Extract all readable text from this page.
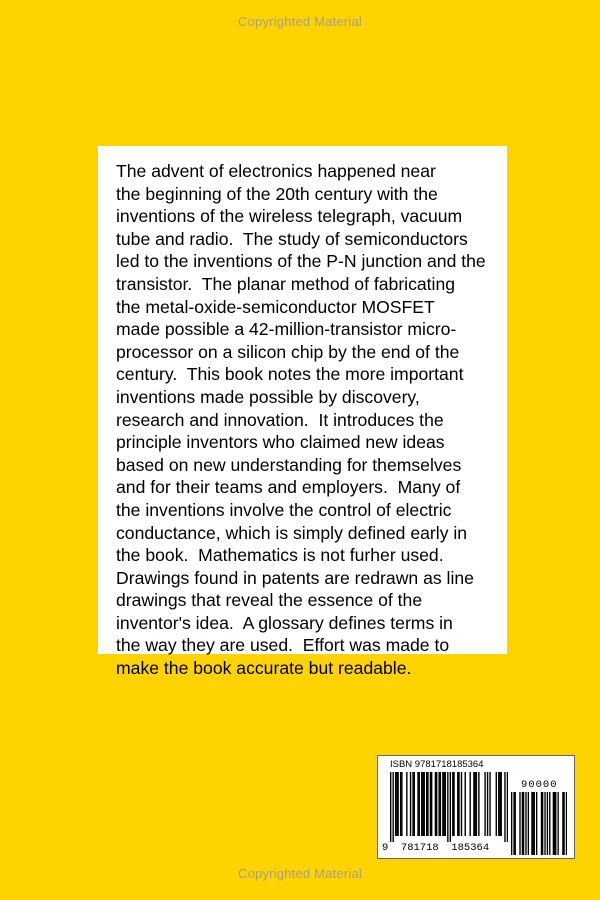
Copyrighted Material
The advent of electronics happened near
the beginning of the 20th century with the
inventions of the wireless telegraph, vacuum
tube and radio.  The study of semiconductors
led to the inventions of the P-N junction and the
transistor.  The planar method of fabricating
the metal-oxide-semiconductor MOSFET
made possible a 42-million-transistor micro-
processor on a silicon chip by the end of the
century.  This book notes the more important
inventions made possible by discovery,
research and innovation.  It introduces the
principle inventors who claimed new ideas
based on new understanding for themselves
and for their teams and employers.  Many of
the inventions involve the control of electric
conductance, which is simply defined early in
the book.  Mathematics is not furher used.
Drawings found in patents are redrawn as line
drawings that reveal the essence of the
inventor's idea.  A glossary defines terms in
the way they are used.  Effort was made to
make the book accurate but readable.
ISBN 9781718185364
9  781718  185364
90000
Copyrighted Material
